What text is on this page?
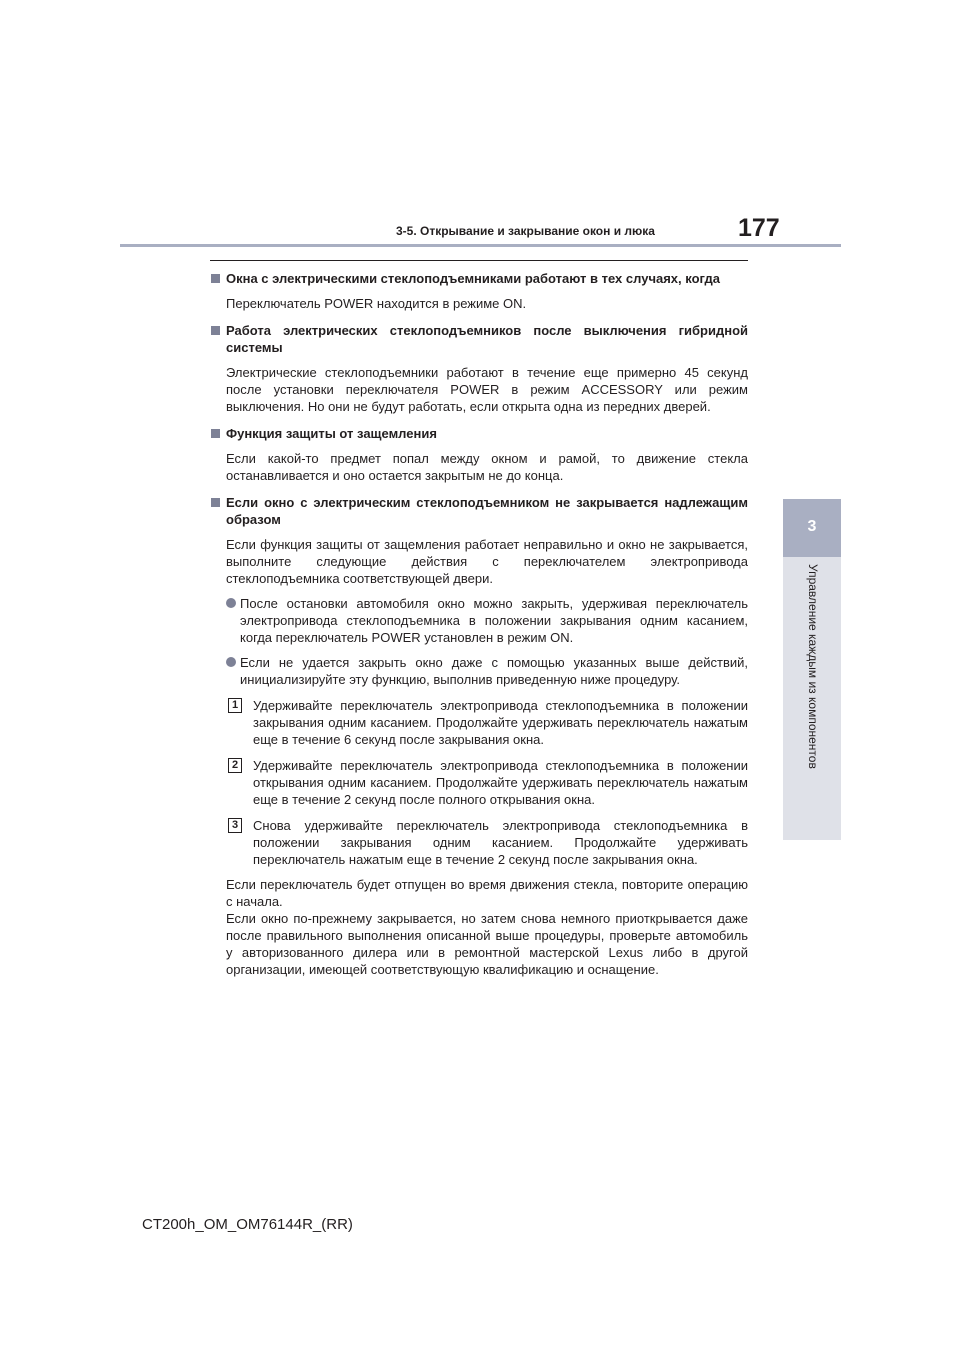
3-5. Открывание и закрывание окон и люка	177
3
Управление каждым из компонентов
Окна с электрическими стеклоподъемниками работают в тех случаях, когда
Переключатель POWER находится в режиме ON.
Работа электрических стеклоподъемников после выключения гибридной системы
Электрические стеклоподъемники работают в течение еще примерно 45 секунд после установки переключателя POWER в режим ACCESSORY или режим выключения. Но они не будут работать, если открыта одна из передних дверей.
Функция защиты от защемления
Если какой-то предмет попал между окном и рамой, то движение стекла останавливается и оно остается закрытым не до конца.
Если окно с электрическим стеклоподъемником не закрывается надлежащим образом
Если функция защиты от защемления работает неправильно и окно не закрывается, выполните следующие действия с переключателем электропривода стеклоподъемника соответствующей двери.
После остановки автомобиля окно можно закрыть, удерживая переключатель электропривода стеклоподъемника в положении закрывания одним касанием, когда переключатель POWER установлен в режим ON.
Если не удается закрыть окно даже с помощью указанных выше действий, инициализируйте эту функцию, выполнив приведенную ниже процедуру.
1	Удерживайте переключатель электропривода стеклоподъемника в положении закрывания одним касанием. Продолжайте удерживать переключатель нажатым еще в течение 6 секунд после закрывания окна.
2	Удерживайте переключатель электропривода стеклоподъемника в положении открывания одним касанием. Продолжайте удерживать переключатель нажатым еще в течение 2 секунд после полного открывания окна.
3	Снова удерживайте переключатель электропривода стеклоподъемника в положении закрывания одним касанием. Продолжайте удерживать переключатель нажатым еще в течение 2 секунд после закрывания окна.
Если переключатель будет отпущен во время движения стекла, повторите операцию с начала.
Если окно по-прежнему закрывается, но затем снова немного приоткрывается даже после правильного выполнения описанной выше процедуры, проверьте автомобиль у авторизованного дилера или в ремонтной мастерской Lexus либо в другой организации, имеющей соответствующую квалификацию и оснащение.
CT200h_OM_OM76144R_(RR)
